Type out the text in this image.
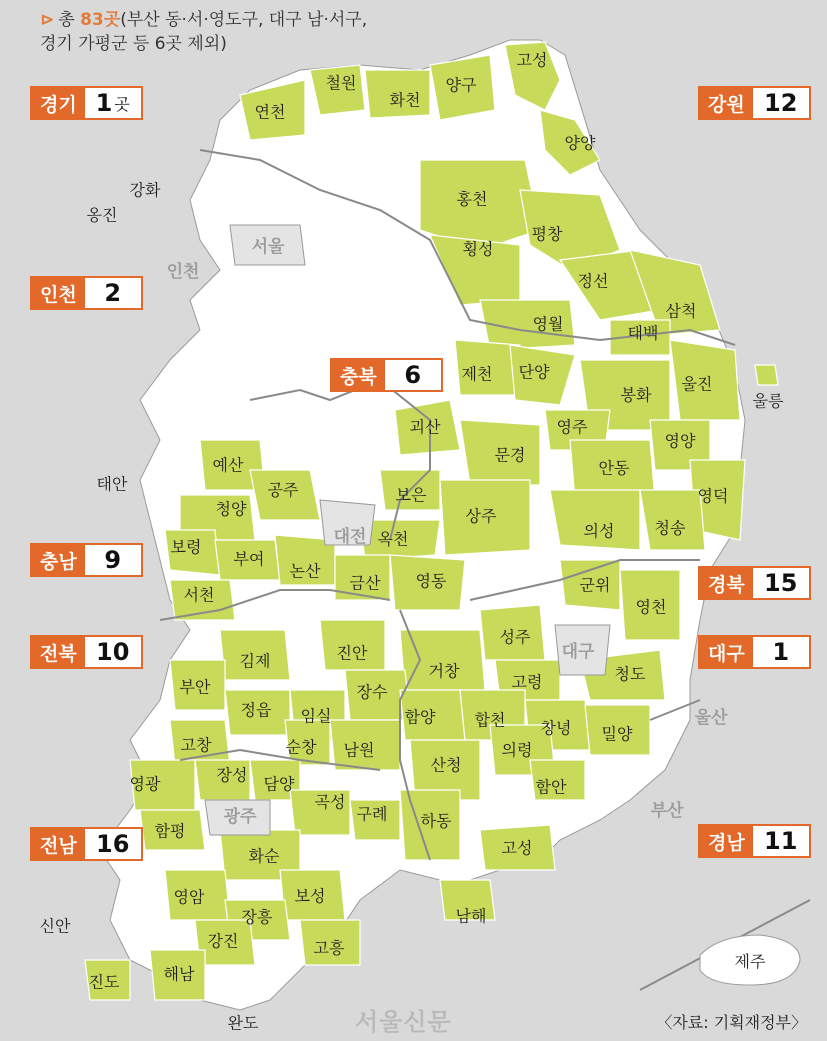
제주
고성
철원
화천
양구
연천
양양
강화
옹진
홍천
서울	횡성
평창
인천	정선
삼척
영월	태백
제천 단양
봉화
울진
울릉
괴산	영주
영양
예산
문경
태안	공주	보은
안동
영덕
청양	상주
대전 옥천	의성	청송
보령
부여
논산
금산 영동	군위
서천
영천
성주
진안
김제	대구
거창
부안	고령	청도
장수
정읍 임실	함양 합천	울산
창녕 밀양
고창	순창 남원	의령
장성 담양
산청
영광	함안
곡성
광주	구례 하동	부산
함평
고성
화순
보성
영암
남해
장흥
신안
강진	고흥
진도	해남
완도
⊳ 총 83곳(부산 동·서·영도구, 대구 남·서구,
경기 가평군 등 6곳 제외)
경기 1 곳	강원 12
인천	2
충북	6
충남	9
경북 15
전북 10	대구	1
전남 16	경남 11
서울신문	〈자료: 기획재정부〉
